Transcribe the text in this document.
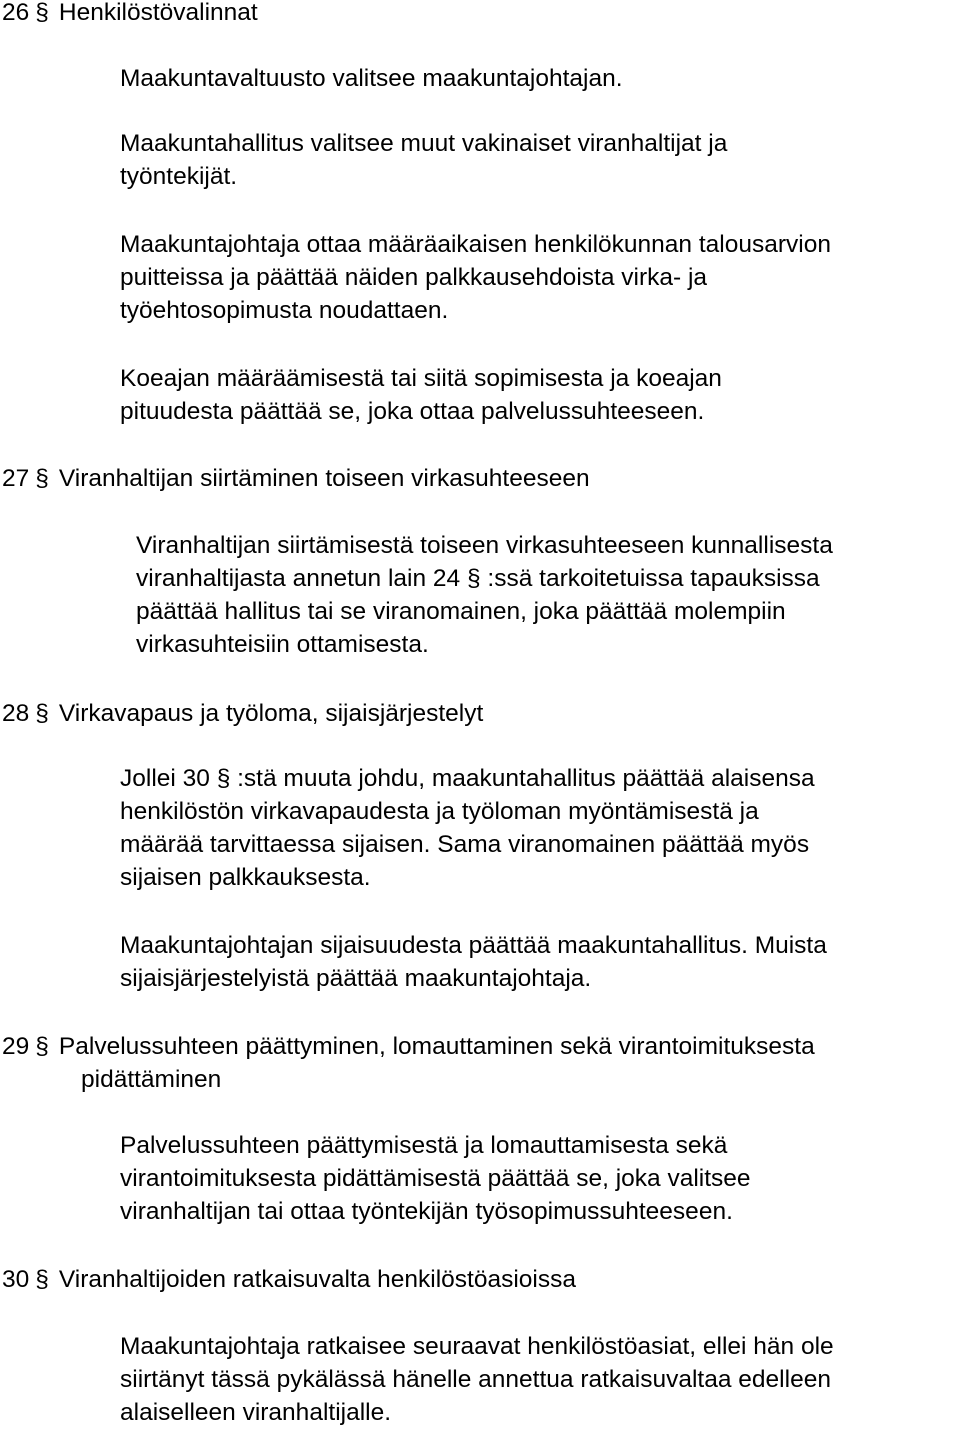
26 § Henkilöstövalinnat

Maakuntavaltuusto valitsee maakuntajohtajan.

Maakuntahallitus valitsee muut vakinaiset viranhaltijat ja
työntekijät.

Maakuntajohtaja ottaa määräaikaisen henkilökunnan talousarvion
puitteissa ja päättää näiden palkkausehdoista virka- ja
työehtosopimusta noudattaen.

Koeajan määräämisestä tai siitä sopimisesta ja koeajan
pituudesta päättää se, joka ottaa palvelussuhteeseen.

27 § Viranhaltijan siirtäminen toiseen virkasuhteeseen

Viranhaltijan siirtämisestä toiseen virkasuhteeseen kunnallisesta
viranhaltijasta annetun lain 24 § :ssä tarkoitetuissa tapauksissa
päättää hallitus tai se viranomainen, joka päättää molempiin
virkasuhteisiin ottamisesta.

28 § Virkavapaus ja työloma, sijaisjärjestelyt

Jollei 30 § :stä muuta johdu, maakuntahallitus päättää alaisensa
henkilöstön virkavapaudesta ja työloman myöntämisestä ja
määrää tarvittaessa sijaisen. Sama viranomainen päättää myös
sijaisen palkkauksesta.

Maakuntajohtajan sijaisuudesta päättää maakuntahallitus. Muista
sijaisjärjestelyistä päättää maakuntajohtaja.

29 § Palvelussuhteen päättyminen, lomauttaminen sekä virantoimituksesta
pidättäminen

Palvelussuhteen päättymisestä ja lomauttamisesta sekä
virantoimituksesta pidättämisestä päättää se, joka valitsee
viranhaltijan tai ottaa työntekijän työsopimussuhteeseen.

30 § Viranhaltijoiden ratkaisuvalta henkilöstöasioissa

Maakuntajohtaja ratkaisee seuraavat henkilöstöasiat, ellei hän ole
siirtänyt tässä pykälässä hänelle annettua ratkaisuvaltaa edelleen
alaiselleen viranhaltijalle.
